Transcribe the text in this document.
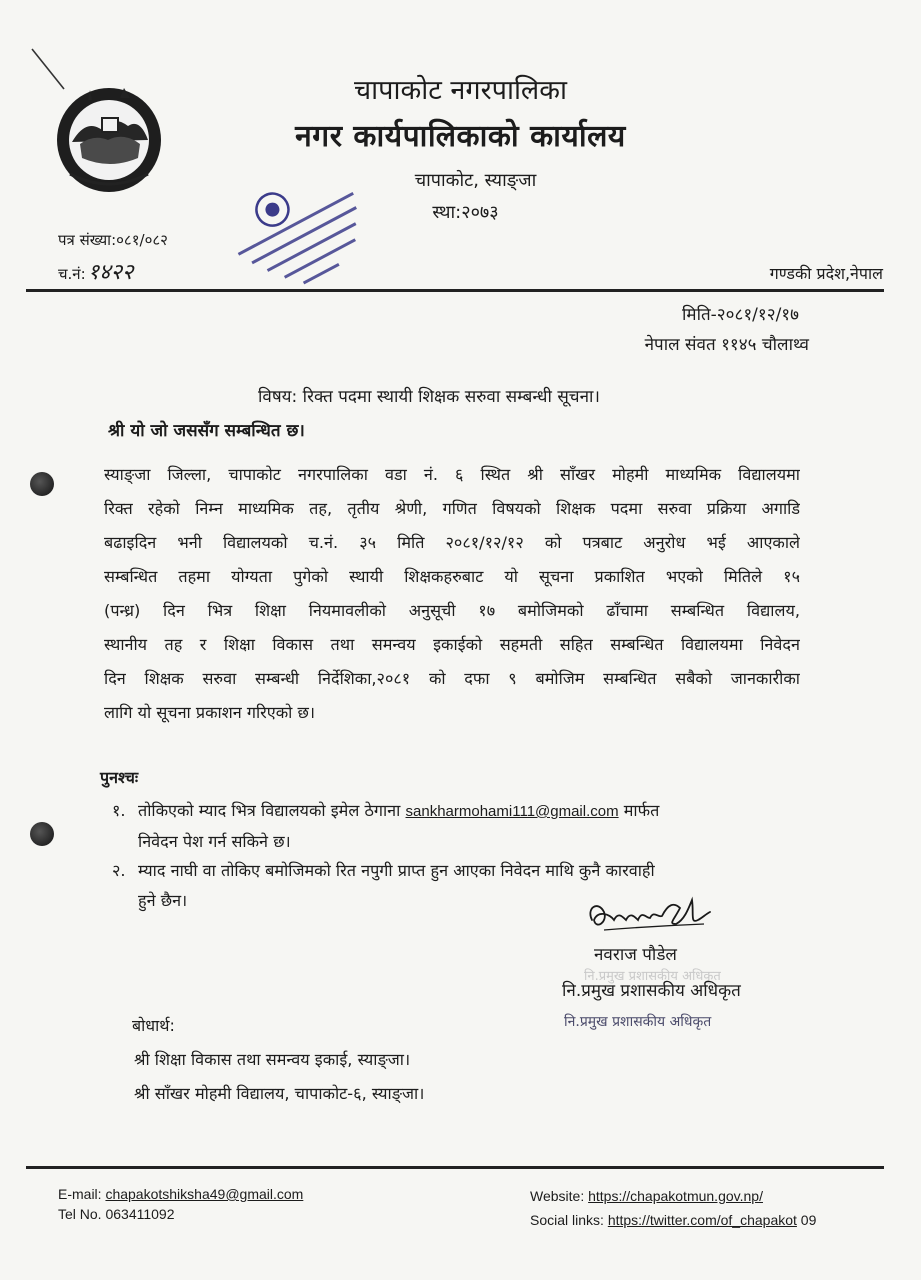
चापाकोट नगरपालिका
नगर कार्यपालिकाको कार्यालय
चापाकोट, स्याङ्जा
स्था:२०७३
पत्र संख्या:०८१/०८२
च.नं:१४२२	गण्डकी प्रदेश,नेपाल
मिति-२०८१/१२/१७
नेपाल संवत ११४५ चौलाथ्व
विषय: रिक्त पदमा स्थायी शिक्षक सरुवा सम्बन्धी सूचना।
श्री यो जो जससँग सम्बन्धित छ।
स्याङ्जा जिल्ला, चापाकोट नगरपालिका वडा नं. ६ स्थित श्री साँखर मोहमी माध्यमिक विद्यालयमा
रिक्त रहेको निम्न माध्यमिक तह, तृतीय श्रेणी, गणित विषयको शिक्षक पदमा सरुवा प्रक्रिया अगाडि
बढाइदिन भनी विद्यालयको च.नं. ३५ मिति २०८१/१२/१२ को पत्रबाट अनुरोध भई आएकाले
सम्बन्धित तहमा योग्यता पुगेको स्थायी शिक्षकहरुबाट यो सूचना प्रकाशित भएको मितिले १५
(पन्ध्र) दिन भित्र शिक्षा नियमावलीको अनुसूची १७ बमोजिमको ढाँचामा सम्बन्धित विद्यालय,
स्थानीय तह र शिक्षा विकास तथा समन्वय इकाईको सहमती सहित सम्बन्धित विद्यालयमा निवेदन
दिन शिक्षक सरुवा सम्बन्धी निर्देशिका,२०८१ को दफा ९ बमोजिम सम्बन्धित सबैको जानकारीका
लागि यो सूचना प्रकाशन गरिएको छ।
पुनश्चः
१. तोकिएको म्याद भित्र विद्यालयको इमेल ठेगाना sankharmohami111@gmail.com मार्फत
निवेदन पेश गर्न सकिने छ।
२. म्याद नाघी वा तोकिए बमोजिमको रित नपुगी प्राप्त हुन आएका निवेदन माथि कुनै कारवाही
हुने छैन।
नि.प्रमुख प्रशासकीय अधिकृत
नवराज पौडेल
नि.प्रमुख प्रशासकीय अधिकृत
नि.प्रमुख प्रशासकीय अधिकृत
बोधार्थ:
श्री शिक्षा विकास तथा समन्वय इकाई, स्याङ्जा।
श्री साँखर मोहमी विद्यालय, चापाकोट-६, स्याङ्जा।
E-mail: chapakotshiksha49@gmail.com
Tel No. 063411092
Website: https://chapakotmun.gov.np/
Social links: https://twitter.com/of_chapakot 09
